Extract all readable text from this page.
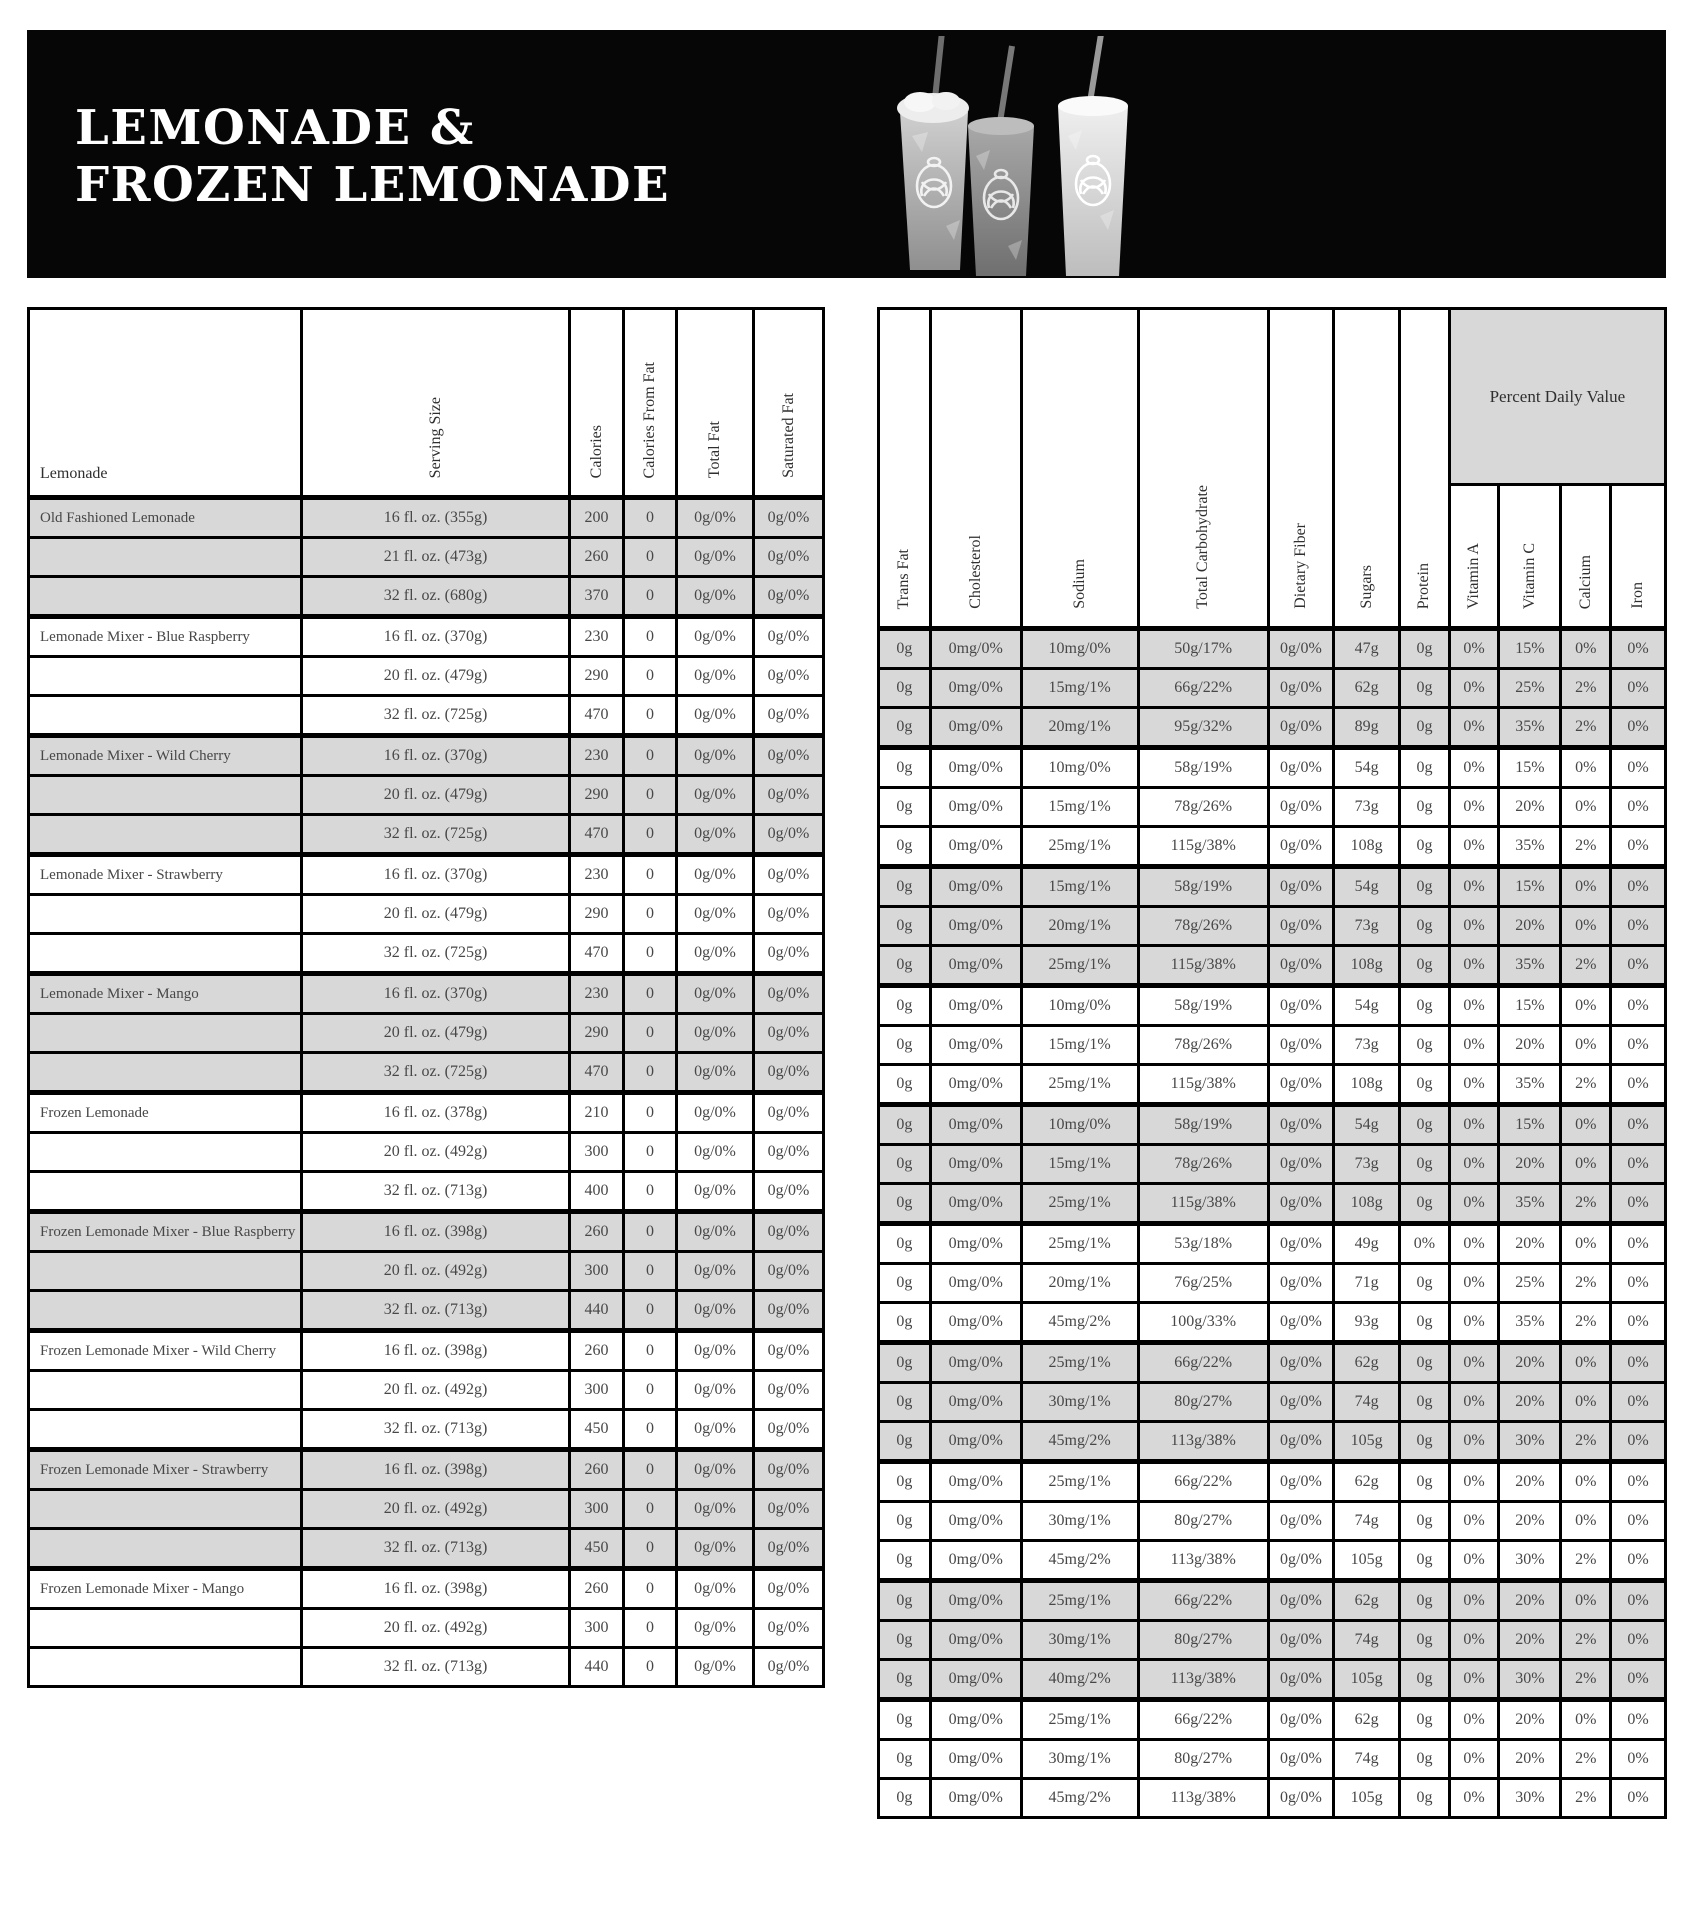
LEMONADE &
FROZEN LEMONADE
Lemonade	Serving Size	Calories	Calories From Fat	Total Fat	Saturated Fat
Old Fashioned Lemonade	16 fl. oz. (355g)	200	0	0g/0%	0g/0%
	21 fl. oz. (473g)	260	0	0g/0%	0g/0%
	32 fl. oz. (680g)	370	0	0g/0%	0g/0%
Lemonade Mixer - Blue Raspberry	16 fl. oz. (370g)	230	0	0g/0%	0g/0%
	20 fl. oz. (479g)	290	0	0g/0%	0g/0%
	32 fl. oz. (725g)	470	0	0g/0%	0g/0%
Lemonade Mixer - Wild Cherry	16 fl. oz. (370g)	230	0	0g/0%	0g/0%
	20 fl. oz. (479g)	290	0	0g/0%	0g/0%
	32 fl. oz. (725g)	470	0	0g/0%	0g/0%
Lemonade Mixer - Strawberry	16 fl. oz. (370g)	230	0	0g/0%	0g/0%
	20 fl. oz. (479g)	290	0	0g/0%	0g/0%
	32 fl. oz. (725g)	470	0	0g/0%	0g/0%
Lemonade Mixer - Mango	16 fl. oz. (370g)	230	0	0g/0%	0g/0%
	20 fl. oz. (479g)	290	0	0g/0%	0g/0%
	32 fl. oz. (725g)	470	0	0g/0%	0g/0%
Frozen Lemonade	16 fl. oz. (378g)	210	0	0g/0%	0g/0%
	20 fl. oz. (492g)	300	0	0g/0%	0g/0%
	32 fl. oz. (713g)	400	0	0g/0%	0g/0%
Frozen Lemonade Mixer - Blue Raspberry	16 fl. oz. (398g)	260	0	0g/0%	0g/0%
	20 fl. oz. (492g)	300	0	0g/0%	0g/0%
	32 fl. oz. (713g)	440	0	0g/0%	0g/0%
Frozen Lemonade Mixer - Wild Cherry	16 fl. oz. (398g)	260	0	0g/0%	0g/0%
	20 fl. oz. (492g)	300	0	0g/0%	0g/0%
	32 fl. oz. (713g)	450	0	0g/0%	0g/0%
Frozen Lemonade Mixer - Strawberry	16 fl. oz. (398g)	260	0	0g/0%	0g/0%
	20 fl. oz. (492g)	300	0	0g/0%	0g/0%
	32 fl. oz. (713g)	450	0	0g/0%	0g/0%
Frozen Lemonade Mixer - Mango	16 fl. oz. (398g)	260	0	0g/0%	0g/0%
	20 fl. oz. (492g)	300	0	0g/0%	0g/0%
	32 fl. oz. (713g)	440	0	0g/0%	0g/0%
Trans Fat	Cholesterol	Sodium	Total Carbohydrate	Dietary Fiber	Sugars	Protein	Percent Daily Value			
							Vitamin A	Vitamin C	Calcium	Iron
0g	0mg/0%	10mg/0%	50g/17%	0g/0%	47g	0g	0%	15%	0%	0%
0g	0mg/0%	15mg/1%	66g/22%	0g/0%	62g	0g	0%	25%	2%	0%
0g	0mg/0%	20mg/1%	95g/32%	0g/0%	89g	0g	0%	35%	2%	0%
0g	0mg/0%	10mg/0%	58g/19%	0g/0%	54g	0g	0%	15%	0%	0%
0g	0mg/0%	15mg/1%	78g/26%	0g/0%	73g	0g	0%	20%	0%	0%
0g	0mg/0%	25mg/1%	115g/38%	0g/0%	108g	0g	0%	35%	2%	0%
0g	0mg/0%	15mg/1%	58g/19%	0g/0%	54g	0g	0%	15%	0%	0%
0g	0mg/0%	20mg/1%	78g/26%	0g/0%	73g	0g	0%	20%	0%	0%
0g	0mg/0%	25mg/1%	115g/38%	0g/0%	108g	0g	0%	35%	2%	0%
0g	0mg/0%	10mg/0%	58g/19%	0g/0%	54g	0g	0%	15%	0%	0%
0g	0mg/0%	15mg/1%	78g/26%	0g/0%	73g	0g	0%	20%	0%	0%
0g	0mg/0%	25mg/1%	115g/38%	0g/0%	108g	0g	0%	35%	2%	0%
0g	0mg/0%	10mg/0%	58g/19%	0g/0%	54g	0g	0%	15%	0%	0%
0g	0mg/0%	15mg/1%	78g/26%	0g/0%	73g	0g	0%	20%	0%	0%
0g	0mg/0%	25mg/1%	115g/38%	0g/0%	108g	0g	0%	35%	2%	0%
0g	0mg/0%	25mg/1%	53g/18%	0g/0%	49g	0%	0%	20%	0%	0%
0g	0mg/0%	20mg/1%	76g/25%	0g/0%	71g	0g	0%	25%	2%	0%
0g	0mg/0%	45mg/2%	100g/33%	0g/0%	93g	0g	0%	35%	2%	0%
0g	0mg/0%	25mg/1%	66g/22%	0g/0%	62g	0g	0%	20%	0%	0%
0g	0mg/0%	30mg/1%	80g/27%	0g/0%	74g	0g	0%	20%	0%	0%
0g	0mg/0%	45mg/2%	113g/38%	0g/0%	105g	0g	0%	30%	2%	0%
0g	0mg/0%	25mg/1%	66g/22%	0g/0%	62g	0g	0%	20%	0%	0%
0g	0mg/0%	30mg/1%	80g/27%	0g/0%	74g	0g	0%	20%	0%	0%
0g	0mg/0%	45mg/2%	113g/38%	0g/0%	105g	0g	0%	30%	2%	0%
0g	0mg/0%	25mg/1%	66g/22%	0g/0%	62g	0g	0%	20%	0%	0%
0g	0mg/0%	30mg/1%	80g/27%	0g/0%	74g	0g	0%	20%	2%	0%
0g	0mg/0%	40mg/2%	113g/38%	0g/0%	105g	0g	0%	30%	2%	0%
0g	0mg/0%	25mg/1%	66g/22%	0g/0%	62g	0g	0%	20%	0%	0%
0g	0mg/0%	30mg/1%	80g/27%	0g/0%	74g	0g	0%	20%	2%	0%
0g	0mg/0%	45mg/2%	113g/38%	0g/0%	105g	0g	0%	30%	2%	0%
